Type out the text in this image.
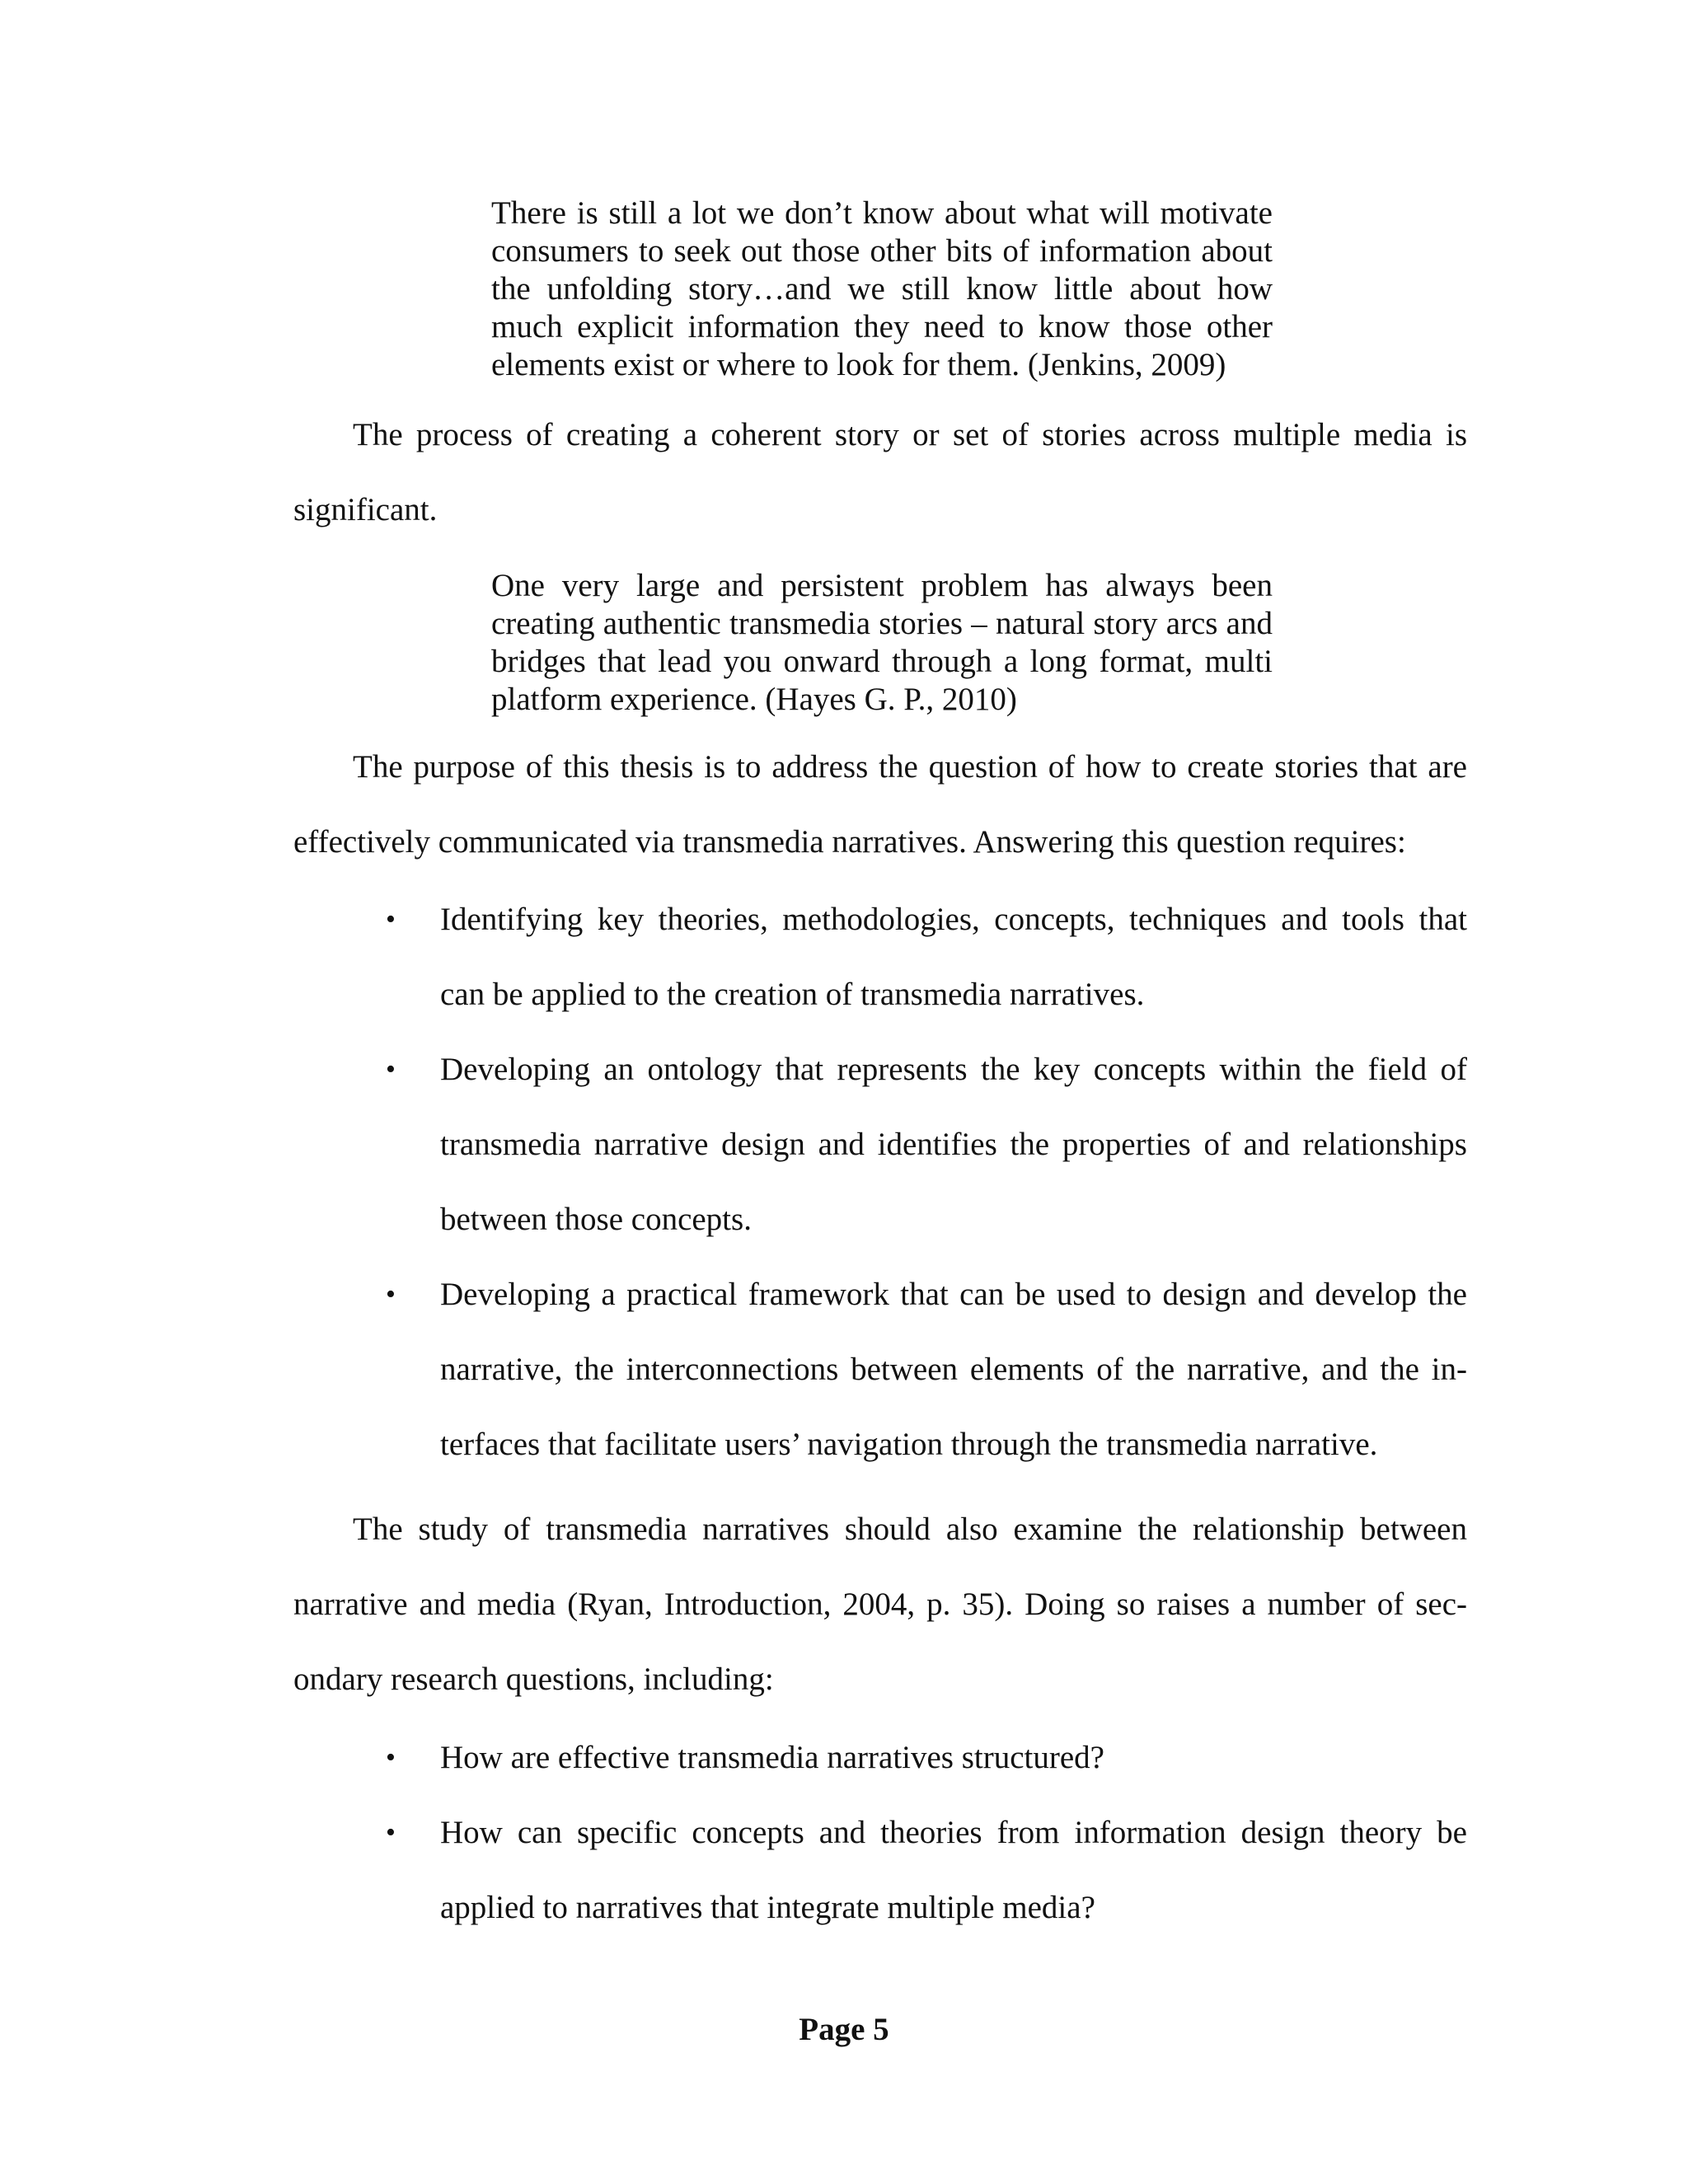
There is still a lot we don’t know about what will motivate consumers to seek out those other bits of information about the unfolding story…and we still know little about how much explicit information they need to know those other elements exist or where to look for them. (Jenkins, 2009)
The process of creating a coherent story or set of stories across multiple media is significant.
One very large and persistent problem has always been creating authentic transmedia stories – natural story arcs and bridges that lead you onward through a long format, multi platform experience. (Hayes G. P., 2010)
The purpose of this thesis is to address the question of how to create stories that are effectively communicated via transmedia narratives. Answering this question requires:
• Identifying key theories, methodologies, concepts, techniques and tools that can be applied to the creation of transmedia narratives.
• Developing an ontology that represents the key concepts within the field of transmedia narrative design and identifies the properties of and relationships between those concepts.
• Developing a practical framework that can be used to design and develop the narrative, the interconnections between elements of the narrative, and the in-terfaces that facilitate users’ navigation through the transmedia narrative.
The study of transmedia narratives should also examine the relationship between narrative and media (Ryan, Introduction, 2004, p. 35). Doing so raises a number of sec-ondary research questions, including:
• How are effective transmedia narratives structured?
• How can specific concepts and theories from information design theory be applied to narratives that integrate multiple media?
Page 5
